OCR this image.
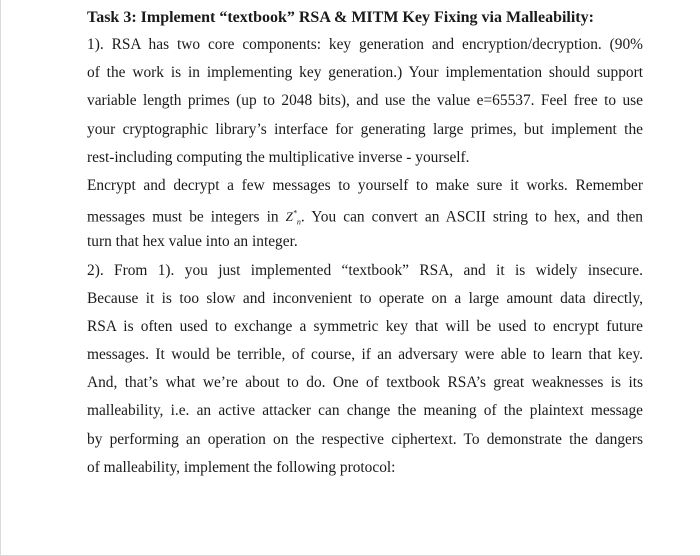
Task 3: Implement “textbook” RSA & MITM Key Fixing via Malleability:

1). RSA has two core components: key generation and encryption/decryption. (90%
of the work is in implementing key generation.) Your implementation should support
variable length primes (up to 2048 bits), and use the value e=65537. Feel free to use
your cryptographic library’s interface for generating large primes, but implement the
rest-including computing the multiplicative inverse - yourself.
Encrypt and decrypt a few messages to yourself to make sure it works. Remember
messages must be integers in $Z^*_n$. You can convert an ASCII string to hex, and then
turn that hex value into an integer.
2). From 1). you just implemented “textbook” RSA, and it is widely insecure.
Because it is too slow and inconvenient to operate on a large amount data directly,
RSA is often used to exchange a symmetric key that will be used to encrypt future
messages. It would be terrible, of course, if an adversary were able to learn that key.
And, that’s what we’re about to do. One of textbook RSA’s great weaknesses is its
malleability, i.e. an active attacker can change the meaning of the plaintext message
by performing an operation on the respective ciphertext. To demonstrate the dangers
of malleability, implement the following protocol:
